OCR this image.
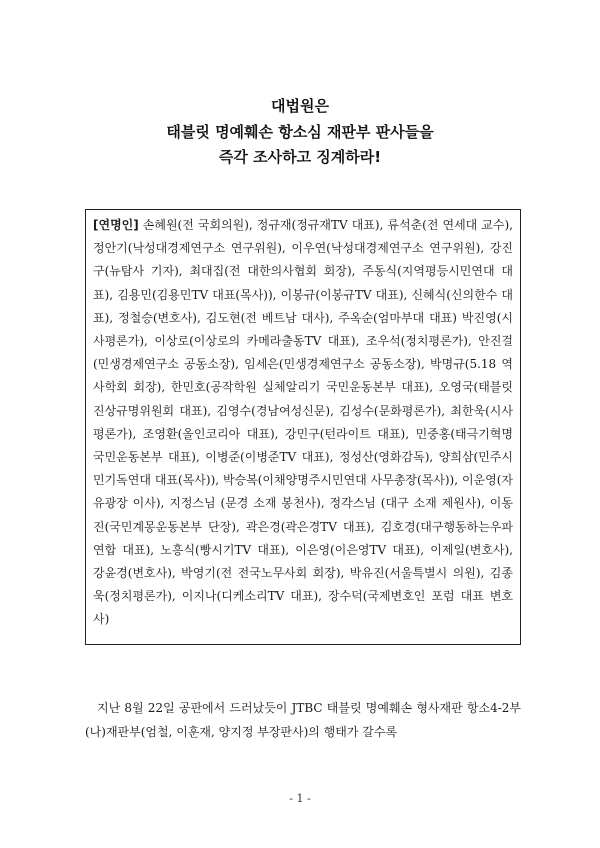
대법원은
태블릿 명예훼손 항소심 재판부 판사들을
즉각 조사하고 징계하라!
[연명인] 손혜원(전 국회의원), 정규재(정규재TV 대표), 류석춘(전 연세대 교수), 정안기(낙성대경제연구소 연구위원), 이우연(낙성대경제연구소 연구위원), 강진구(뉴탐사 기자), 최대집(전 대한의사협회 회장), 주동식(지역평등시민연대 대표), 김용민(김용민TV 대표(목사)), 이봉규(이봉규TV 대표), 신혜식(신의한수 대표), 정철승(변호사), 김도현(전 베트남 대사), 주옥순(엄마부대 대표) 박진영(시사평론가), 이상로(이상로의 카메라출동TV 대표), 조우석(정치평론가), 안진걸(민생경제연구소 공동소장), 임세은(민생경제연구소 공동소장), 박명규(5.18 역사학회 회장), 한민호(공작학원 실체알리기 국민운동본부 대표), 오영국(태블릿진상규명위원회 대표), 김영수(경남여성신문), 김성수(문화평론가), 최한욱(시사평론가), 조영환(올인코리아 대표), 강민구(턴라이트 대표), 민중홍(태극기혁명 국민운동본부 대표), 이병준(이병준TV 대표), 정성산(영화감독), 양희삼(민주시민기독연대 대표(목사)), 박승복(이채양명주시민연대 사무총장(목사)), 이운영(자유광장 이사), 지정스님 (문경 소재 봉천사), 정각스님 (대구 소재 제원사), 이동진(국민계몽운동본부 단장), 곽은경(곽은경TV 대표), 김호경(대구행동하는우파연합 대표), 노흥식(빵시기TV 대표), 이은영(이은영TV 대표), 이제일(변호사), 강윤경(변호사), 박영기(전 전국노무사회 회장), 박유진(서울특별시 의원), 김종욱(정치평론가), 이지나(디케소리TV 대표), 장수덕(국제변호인 포럼 대표 변호사)
지난 8월 22일 공판에서 드러났듯이 JTBC 태블릿 명예훼손 형사재판 항소4-2부(나)재판부(엄철, 이훈재, 양지정 부장판사)의 행태가 갈수록
- 1 -
